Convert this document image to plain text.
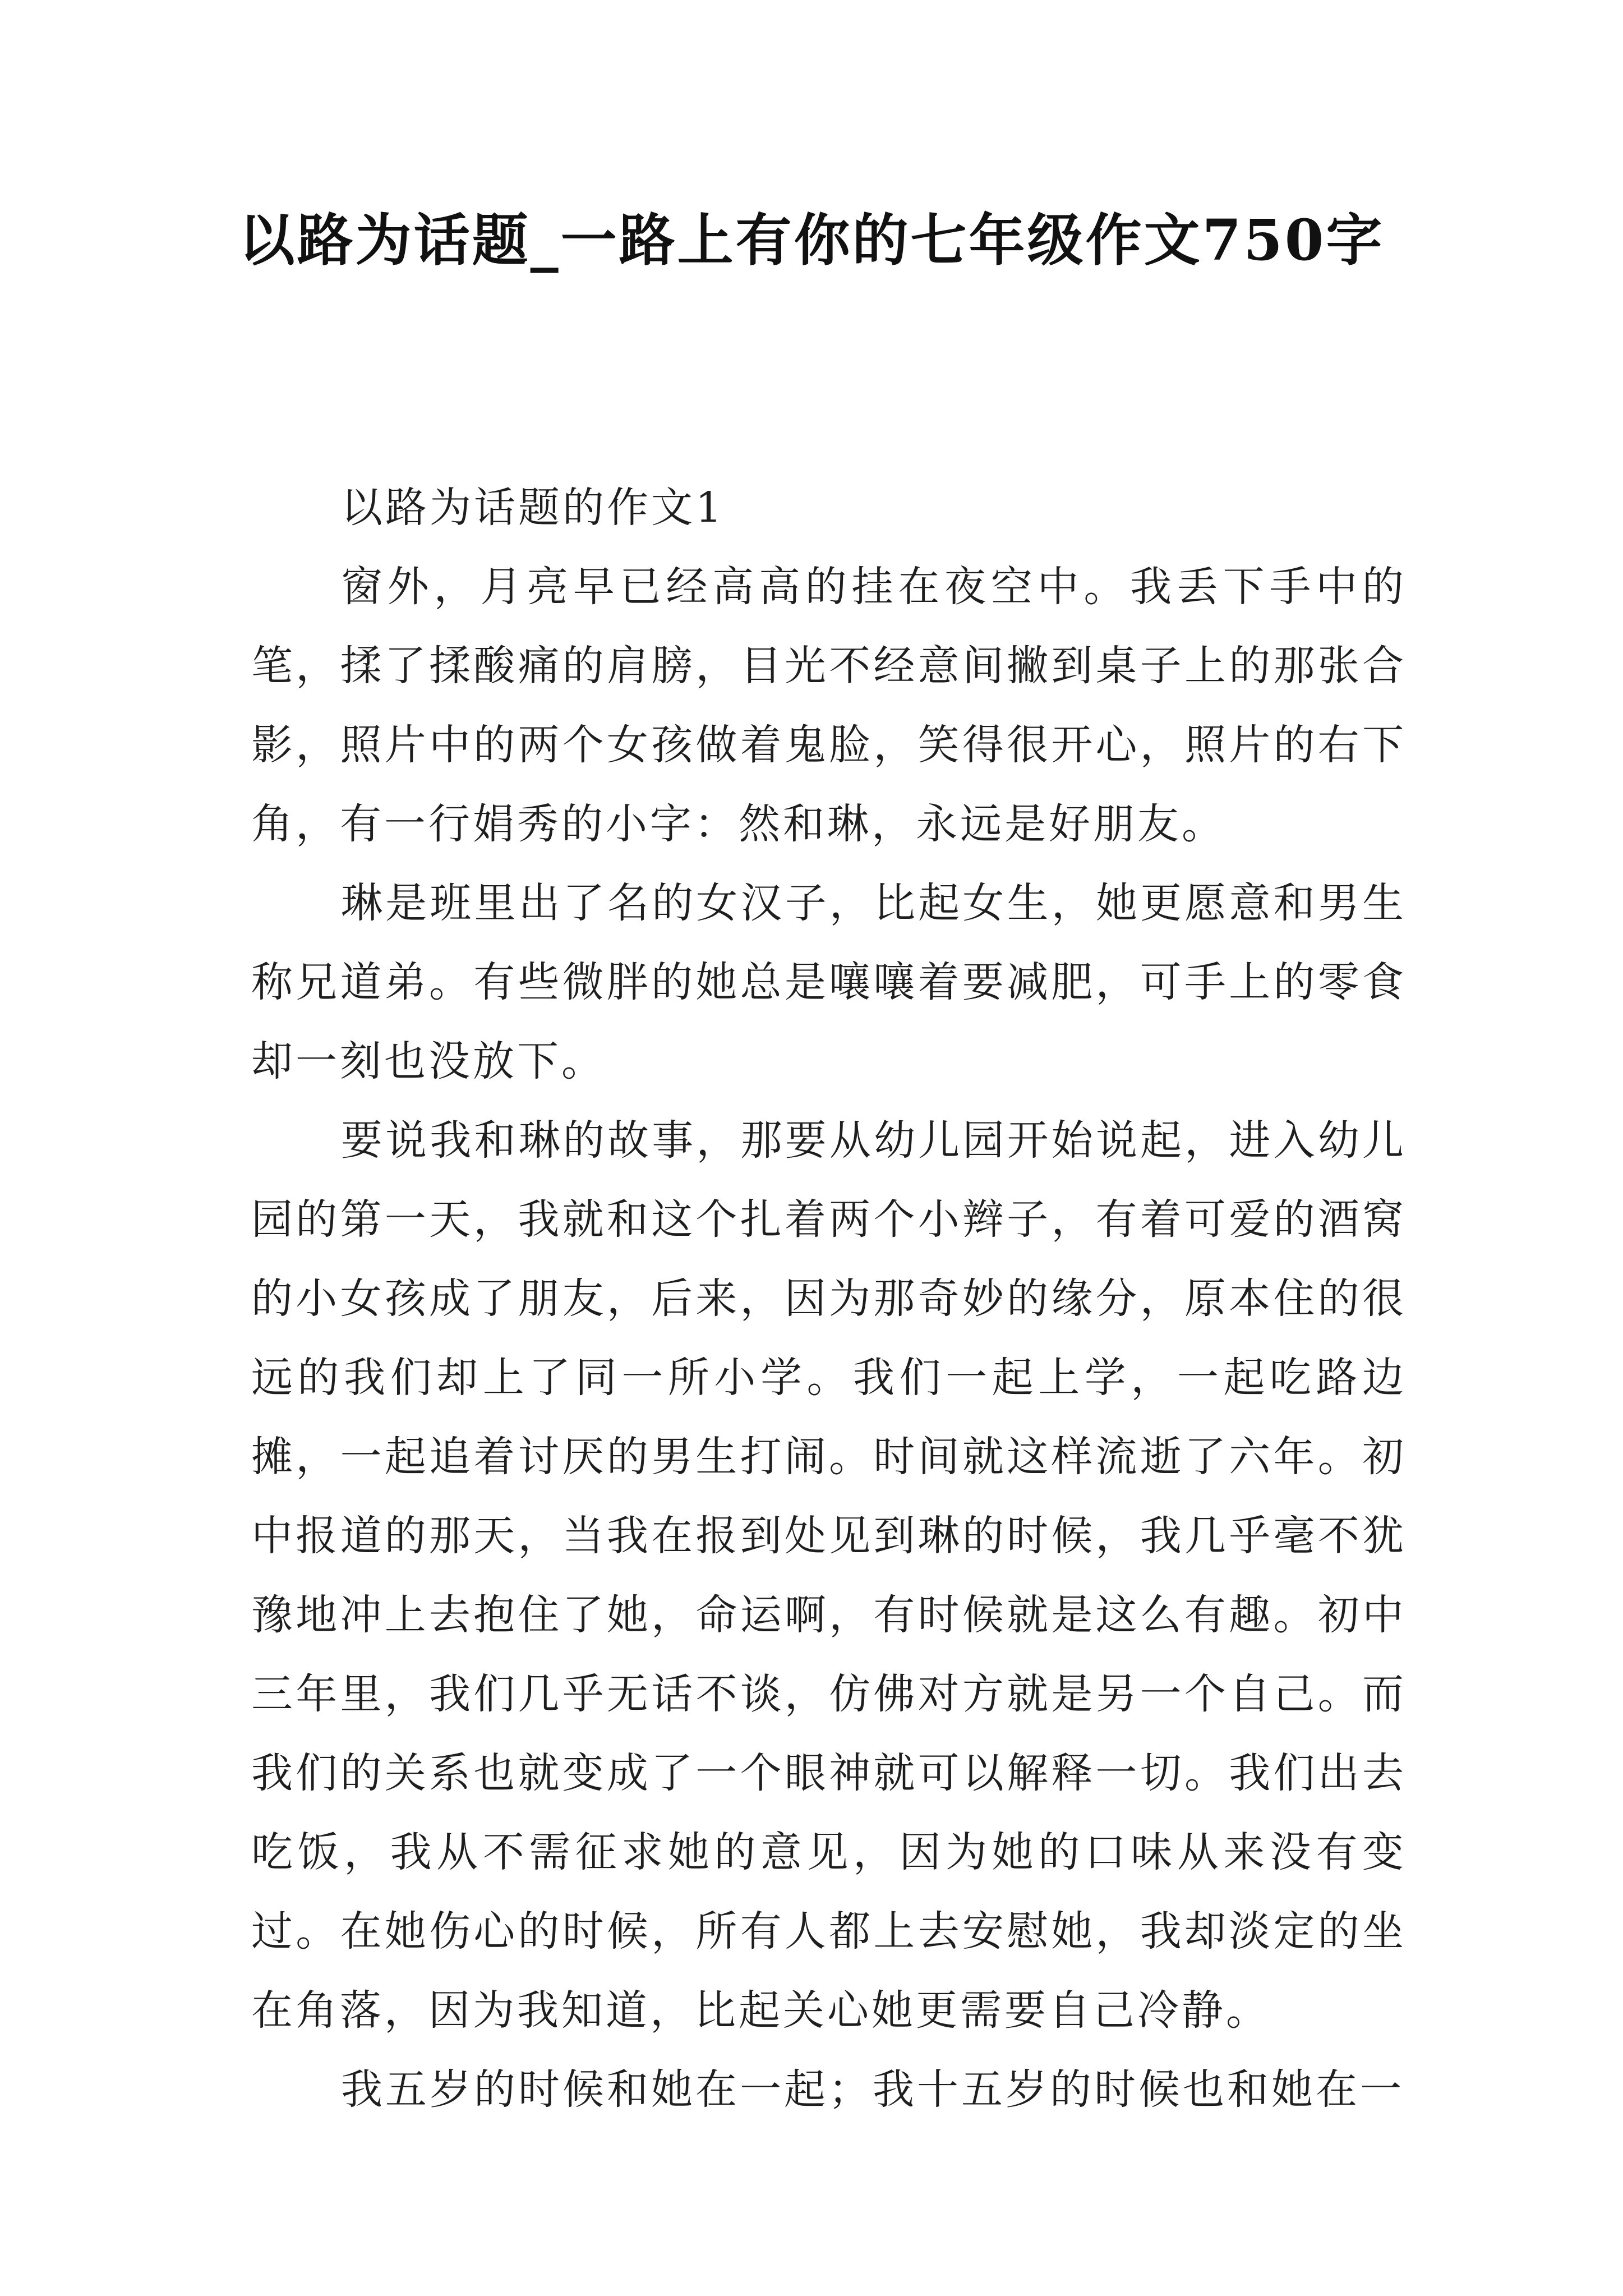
以路为话题_一路上有你的七年级作文750字

以路为话题的作文1

窗外，月亮早已经高高的挂在夜空中。我丢下手中的笔，揉了揉酸痛的肩膀，目光不经意间撇到桌子上的那张合影，照片中的两个女孩做着鬼脸，笑得很开心，照片的右下角，有一行娟秀的小字：然和琳，永远是好朋友。

琳是班里出了名的女汉子，比起女生，她更愿意和男生称兄道弟。有些微胖的她总是嚷嚷着要减肥，可手上的零食却一刻也没放下。

要说我和琳的故事，那要从幼儿园开始说起，进入幼儿园的第一天，我就和这个扎着两个小辫子，有着可爱的酒窝的小女孩成了朋友，后来，因为那奇妙的缘分，原本住的很远的我们却上了同一所小学。我们一起上学，一起吃路边摊，一起追着讨厌的男生打闹。时间就这样流逝了六年。初中报道的那天，当我在报到处见到琳的时候，我几乎毫不犹豫地冲上去抱住了她，命运啊，有时候就是这么有趣。初中三年里，我们几乎无话不谈，仿佛对方就是另一个自己。而我们的关系也就变成了一个眼神就可以解释一切。我们出去吃饭，我从不需征求她的意见，因为她的口味从来没有变过。在她伤心的时候，所有人都上去安慰她，我却淡定的坐在角落，因为我知道，比起关心她更需要自己冷静。

我五岁的时候和她在一起；我十五岁的时候也和她在一
